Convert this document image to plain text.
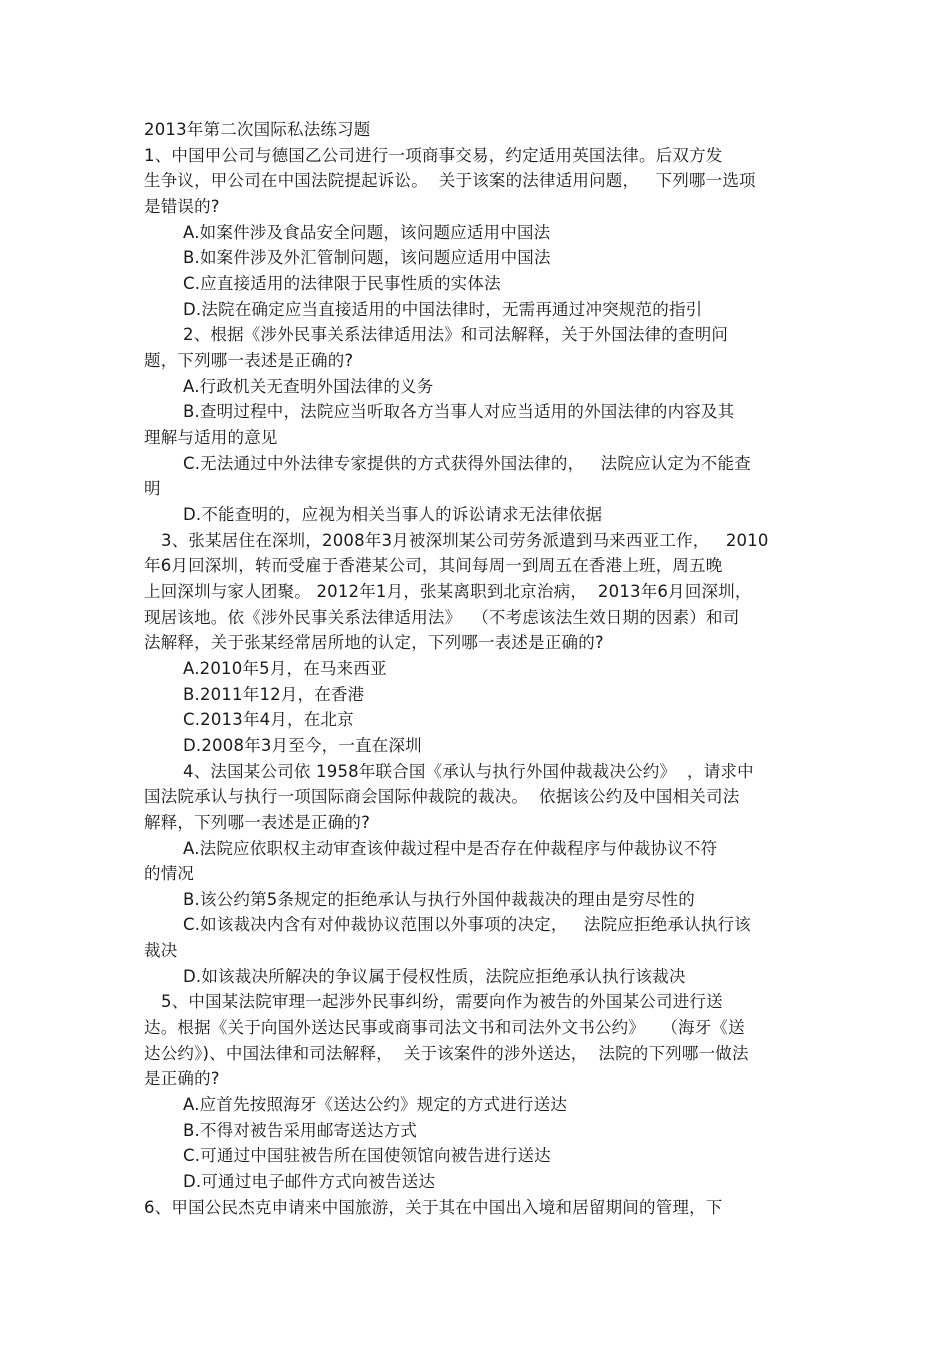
2013年第二次国际私法练习题
1、中国甲公司与德国乙公司进行一项商事交易，约定适用英国法律。后双方发
生争议，甲公司在中国法院提起诉讼。  关于该案的法律适用问题，   下列哪一选项
是错误的?
A.如案件涉及食品安全问题，该问题应适用中国法
B.如案件涉及外汇管制问题，该问题应适用中国法
C.应直接适用的法律限于民事性质的实体法
D.法院在确定应当直接适用的中国法律时，无需再通过冲突规范的指引
2、根据《涉外民事关系法律适用法》和司法解释，关于外国法律的查明问
题，下列哪一表述是正确的?
A.行政机关无查明外国法律的义务
B.查明过程中，法院应当听取各方当事人对应当适用的外国法律的内容及其
理解与适用的意见
C.无法通过中外法律专家提供的方式获得外国法律的，   法院应认定为不能查
明
D.不能查明的，应视为相关当事人的诉讼请求无法律依据
3、张某居住在深圳，2008年3月被深圳某公司劳务派遣到马来西亚工作，   2010
年6月回深圳，转而受雇于香港某公司，其间每周一到周五在香港上班，周五晚
上回深圳与家人团聚。 2012年1月，张某离职到北京治病，  2013年6月回深圳，
现居该地。依《涉外民事关系法律适用法》  （不考虑该法生效日期的因素）和司
法解释，关于张某经常居所地的认定，下列哪一表述是正确的?
A.2010年5月，在马来西亚
B.2011年12月，在香港
C.2013年4月，在北京
D.2008年3月至今，一直在深圳
4、法国某公司依 1958年联合国《承认与执行外国仲裁裁决公约》  ，请求中
国法院承认与执行一项国际商会国际仲裁院的裁决。  依据该公约及中国相关司法
解释，下列哪一表述是正确的?
A.法院应依职权主动审查该仲裁过程中是否存在仲裁程序与仲裁协议不符
的情况
B.该公约第5条规定的拒绝承认与执行外国仲裁裁决的理由是穷尽性的
C.如该裁决内含有对仲裁协议范围以外事项的决定，   法院应拒绝承认执行该
裁决
D.如该裁决所解决的争议属于侵权性质，法院应拒绝承认执行该裁决
5、中国某法院审理一起涉外民事纠纷，需要向作为被告的外国某公司进行送
达。根据《关于向国外送达民事或商事司法文书和司法外文书公约》   （海牙《送
达公约》)、中国法律和司法解释，  关于该案件的涉外送达，  法院的下列哪一做法
是正确的?
A.应首先按照海牙《送达公约》规定的方式进行送达
B.不得对被告采用邮寄送达方式
C.可通过中国驻被告所在国使领馆向被告进行送达
D.可通过电子邮件方式向被告送达
6、甲国公民杰克申请来中国旅游，关于其在中国出入境和居留期间的管理，下
